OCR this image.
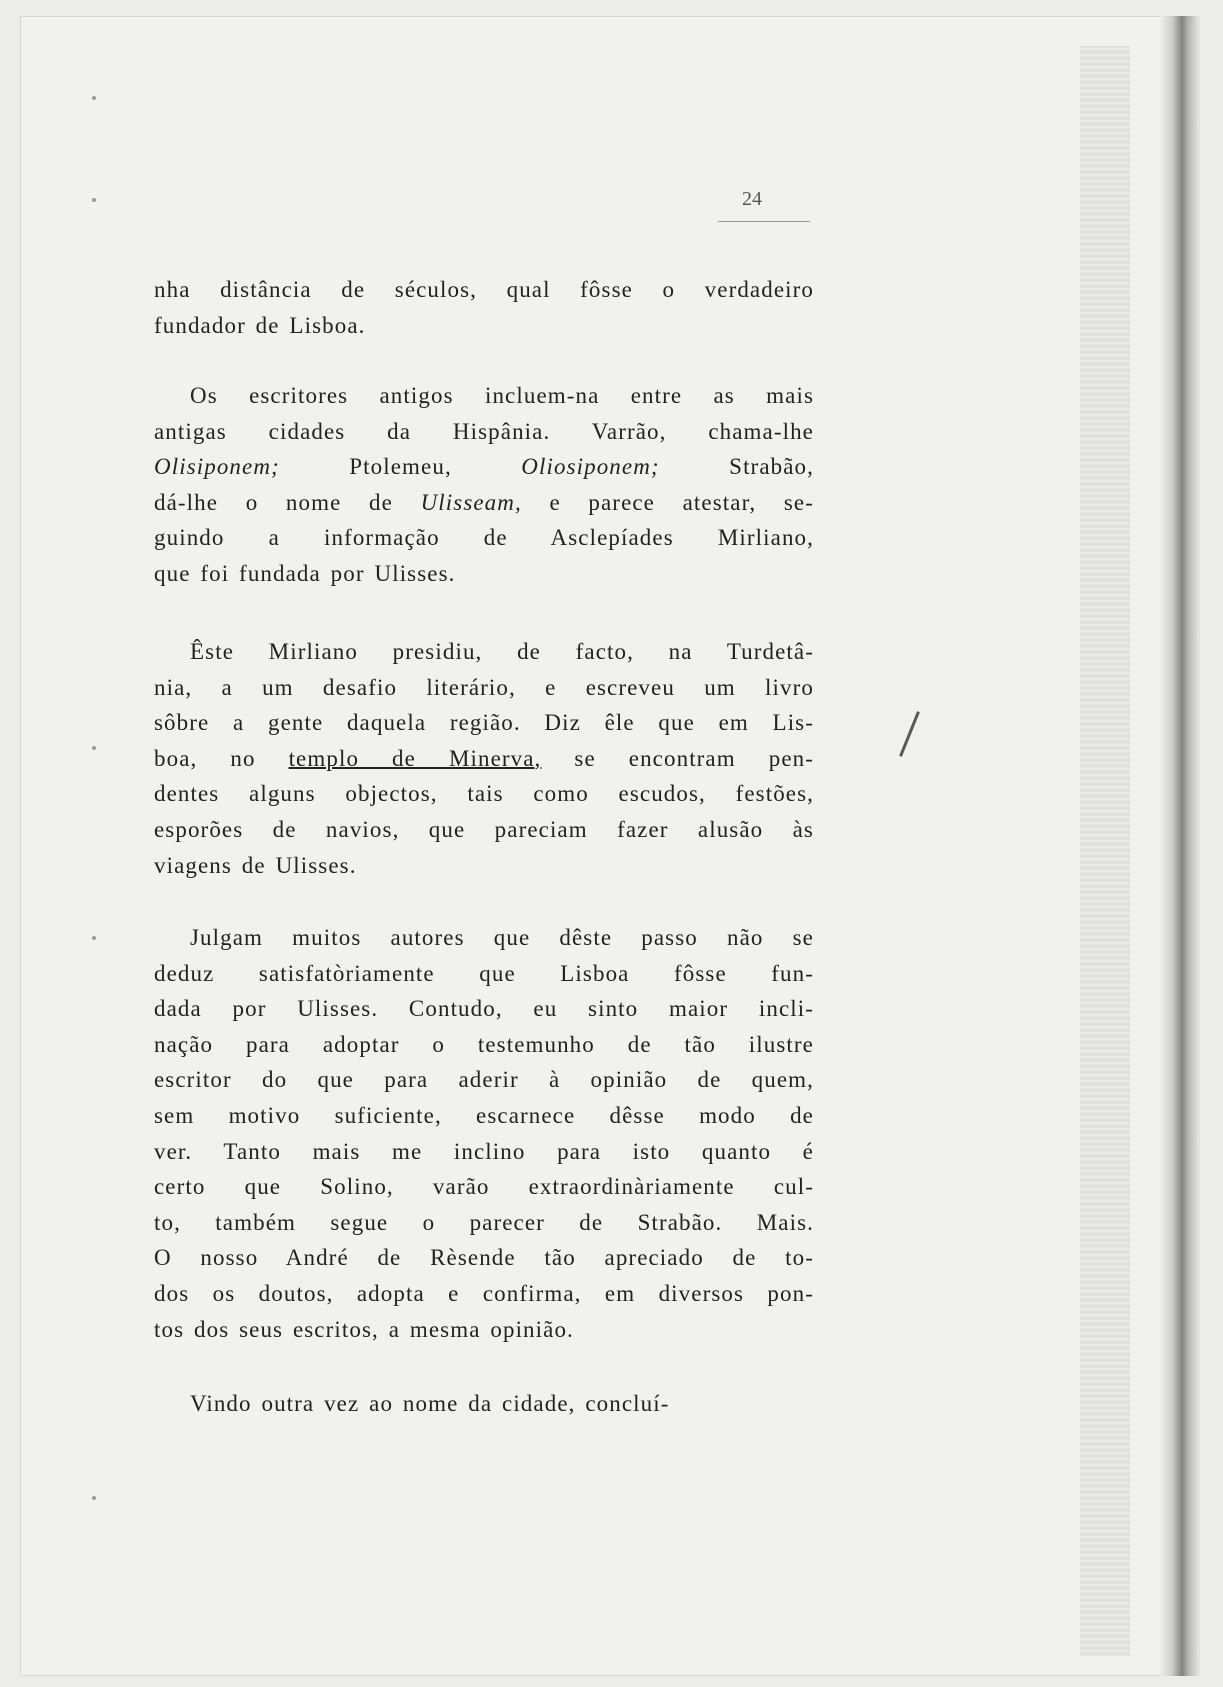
24
nha distância de séculos, qual fôsse o verdadeiro
fundador de Lisboa.
Os escritores antigos incluem-na entre as mais
antigas cidades da Hispânia. Varrão, chama-lhe
Olisiponem;	Ptolemeu,	Oliosiponem;	Strabão,
dá-lhe o nome de Ulisseam, e parece atestar, se-
guindo a informação de Asclepíades Mirliano,
que foi fundada por Ulisses.
Êste Mirliano presidiu, de facto, na Turdetâ-
nia, a um desafio literário, e escreveu um livro
sôbre a gente daquela região. Diz êle que em Lis-
boa, no templo de Minerva, se encontram pen-
dentes alguns objectos, tais como escudos, festões,
esporões de navios, que pareciam fazer alusão às
viagens de Ulisses.
Julgam muitos autores que dêste passo não se
deduz satisfatòriamente que Lisboa fôsse fun-
dada por Ulisses. Contudo, eu sinto maior incli-
nação para adoptar o testemunho de tão ilustre
escritor do que para aderir à opinião de quem,
sem motivo suficiente, escarnece dêsse modo de
ver. Tanto mais me inclino para isto quanto é
certo que Solino, varão extraordinàriamente cul-
to, também segue o parecer de Strabão. Mais.
O nosso André de Rèsende tão apreciado de to-
dos os doutos, adopta e confirma, em diversos pon-
tos dos seus escritos, a mesma opinião.
Vindo outra vez ao nome da cidade, concluí-
